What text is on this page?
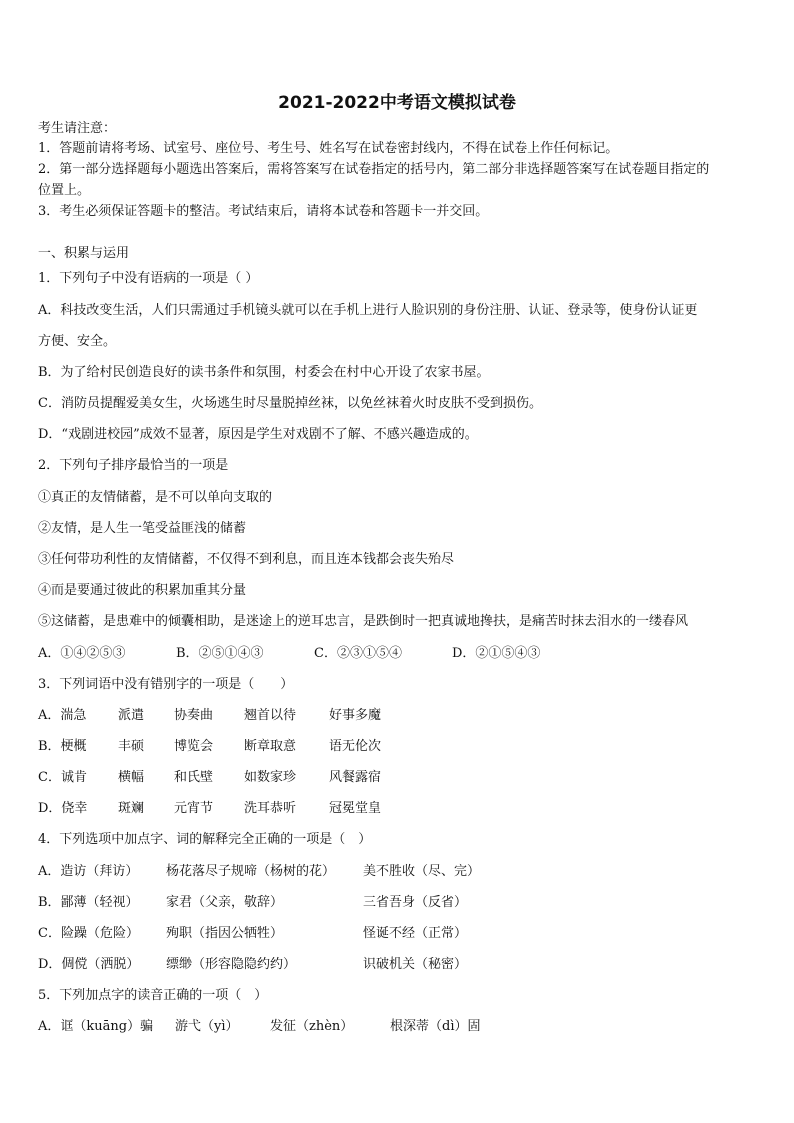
2021-2022中考语文模拟试卷
考生请注意：
1．答题前请将考场、试室号、座位号、考生号、姓名写在试卷密封线内，不得在试卷上作任何标记。
2．第一部分选择题每小题选出答案后，需将答案写在试卷指定的括号内，第二部分非选择题答案写在试卷题目指定的
位置上。
3．考生必须保证答题卡的整洁。考试结束后，请将本试卷和答题卡一并交回。
一、积累与运用
1．下列句子中没有语病的一项是（ ）
A．科技改变生活，人们只需通过手机镜头就可以在手机上进行人脸识别的身份注册、认证、登录等，使身份认证更
方便、安全。
B．为了给村民创造良好的读书条件和氛围，村委会在村中心开设了农家书屋。
C．消防员提醒爱美女生，火场逃生时尽量脱掉丝袜，以免丝袜着火时皮肤不受到损伤。
D．“戏剧进校园”成效不显著，原因是学生对戏剧不了解、不感兴趣造成的。
2．下列句子排序最恰当的一项是
①真正的友情储蓄，是不可以单向支取的
②友情，是人生一笔受益匪浅的储蓄
③任何带功利性的友情储蓄，不仅得不到利息，而且连本钱都会丧失殆尽
④而是要通过彼此的积累加重其分量
⑤这储蓄，是患难中的倾囊相助，是迷途上的逆耳忠言，是跌倒时一把真诚地搀扶，是痛苦时抹去泪水的一缕春风
A．①④②⑤③	B．②⑤①④③	C．②③①⑤④	D．②①⑤④③
3．下列词语中没有错别字的一项是（　　）
A．湍急	派遣	协奏曲	翘首以待	好事多魔
B．梗概	丰硕	博览会	断章取意	语无伦次
C．诚肯	横幅	和氏壁	如数家珍	风餐露宿
D．侥幸	斑斓	元宵节	洗耳恭听	冠冕堂皇
4．下列选项中加点字、词的解释完全正确的一项是（　）
A．造访（拜访）	杨花落尽子规啼（杨树的花）	美不胜收（尽、完）
B．鄙薄（轻视）	家君（父亲，敬辞）	三省吾身（反省）
C．险躁（危险）	殉职（指因公牺牲）	怪诞不经（正常）
D．倜傥（洒脱）	缥缈（形容隐隐约约）	识破机关（秘密）
5．下列加点字的读音正确的一项（　）
A．诓（kuāng）骗	游弋（yì）	发征（zhèn）	根深蒂（dì）固
